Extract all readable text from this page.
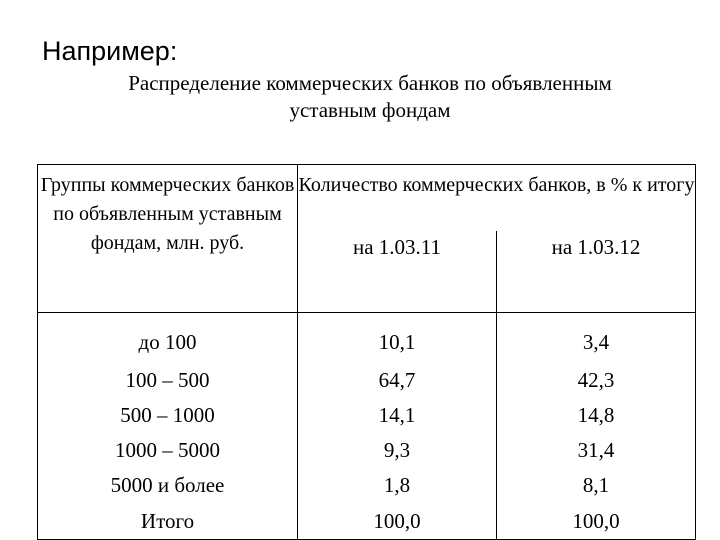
Например:
Распределение коммерческих банков по объявленным
уставным фондам
Группы коммерческих банков по объявленным уставным фондам, млн. руб.	Количество коммерческих банков, в % к итогу	
	на 1.03.11	на 1.03.12
до 100	10,1	3,4
100 – 500	64,7	42,3
500 – 1000	14,1	14,8
1000 – 5000	9,3	31,4
5000 и более	1,8	8,1
Итого	100,0	100,0
